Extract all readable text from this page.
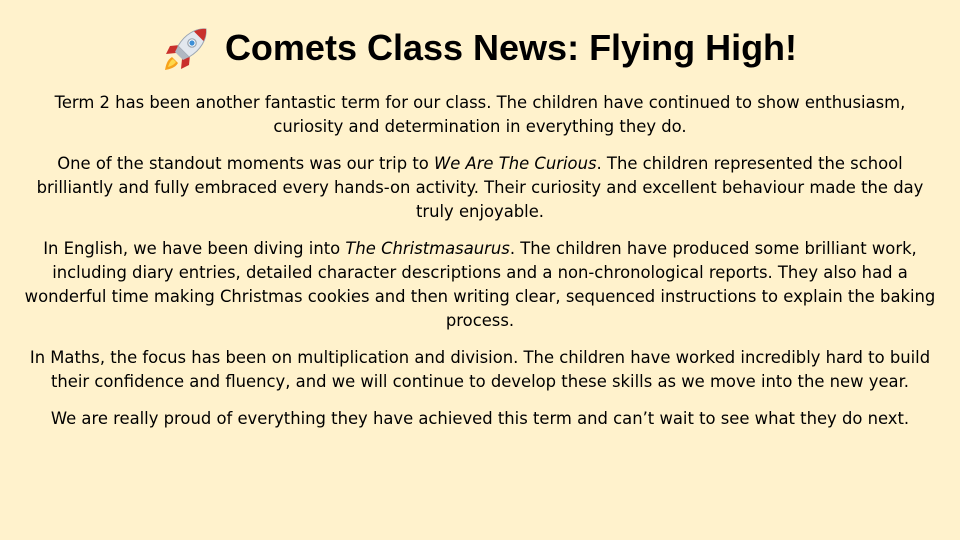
Comets Class News: Flying High!

Term 2 has been another fantastic term for our class. The children have continued to show enthusiasm, curiosity and determination in everything they do.

One of the standout moments was our trip to We Are The Curious. The children represented the school brilliantly and fully embraced every hands-on activity. Their curiosity and excellent behaviour made the day truly enjoyable.

In English, we have been diving into The Christmasaurus. The children have produced some brilliant work, including diary entries, detailed character descriptions and a non-chronological reports. They also had a wonderful time making Christmas cookies and then writing clear, sequenced instructions to explain the baking process.

In Maths, the focus has been on multiplication and division. The children have worked incredibly hard to build their confidence and fluency, and we will continue to develop these skills as we move into the new year.

We are really proud of everything they have achieved this term and can’t wait to see what they do next.
